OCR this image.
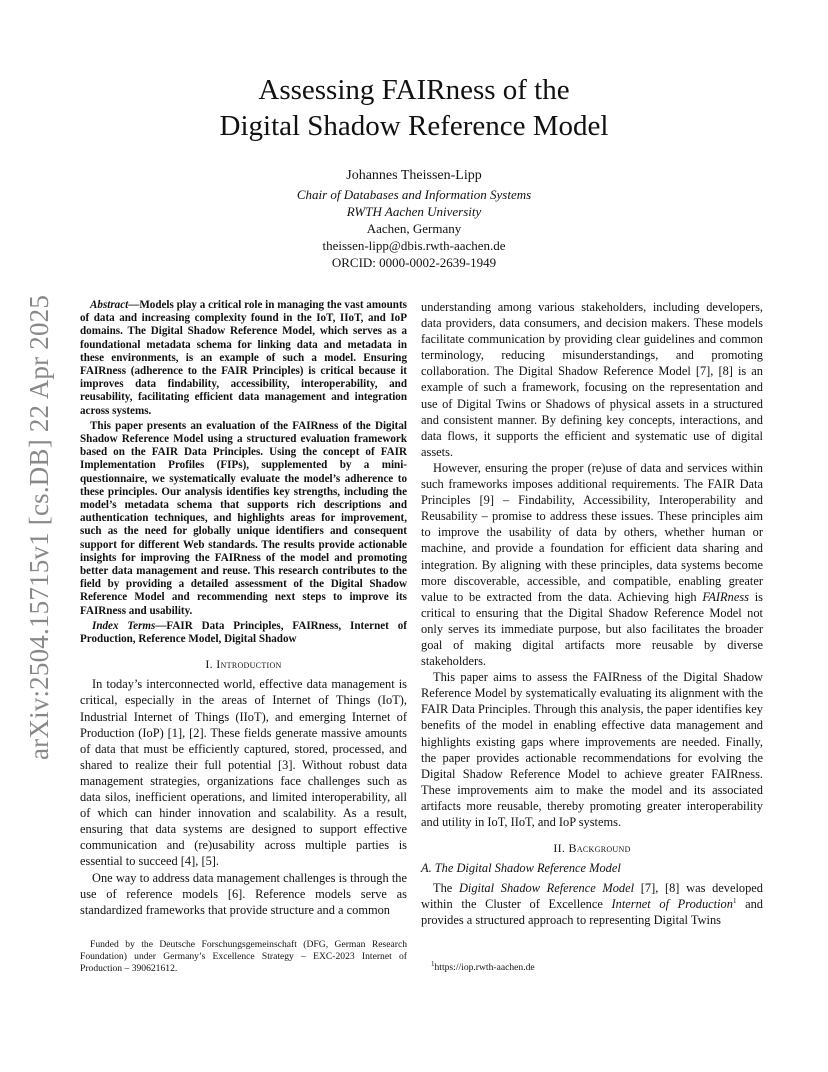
Assessing FAIRness of the
Digital Shadow Reference Model
Johannes Theissen-Lipp
Chair of Databases and Information Systems
RWTH Aachen University
Aachen, Germany
theissen-lipp@dbis.rwth-aachen.de
ORCID: 0000-0002-2639-1949
arXiv:2504.15715v1 [cs.DB] 22 Apr 2025	Abstract—Models play a critical role in managing the vast amounts of data and increasing complexity found in the IoT, IIoT, and IoP domains. The Digital Shadow Reference Model, which serves as a foundational metadata schema for linking data and metadata in these environments, is an example of such a model. Ensuring FAIRness (adherence to the FAIR Principles) is critical because it improves data findability, accessibility, interoperability, and reusability, facilitating efficient data management and integration across systems.

This paper presents an evaluation of the FAIRness of the Digital Shadow Reference Model using a structured evaluation framework based on the FAIR Data Principles. Using the concept of FAIR Implementation Profiles (FIPs), supplemented by a mini-questionnaire, we systematically evaluate the model’s adherence to these principles. Our analysis identifies key strengths, including the model’s metadata schema that supports rich descriptions and authentication techniques, and highlights areas for improvement, such as the need for globally unique identifiers and consequent support for different Web standards. The results provide actionable insights for improving the FAIRness of the model and promoting better data management and reuse. This research contributes to the field by providing a detailed assessment of the Digital Shadow Reference Model and recommending next steps to improve its FAIRness and usability.

Index Terms—FAIR Data Principles, FAIRness, Internet of Production, Reference Model, Digital Shadow

I. Introduction

In today’s interconnected world, effective data management is critical, especially in the areas of Internet of Things (IoT), Industrial Internet of Things (IIoT), and emerging Internet of Production (IoP) [1], [2]. These fields generate massive amounts of data that must be efficiently captured, stored, processed, and shared to realize their full potential [3]. Without robust data management strategies, organizations face challenges such as data silos, inefficient operations, and limited interoperability, all of which can hinder innovation and scalability. As a result, ensuring that data systems are designed to support effective communication and (re)usability across multiple parties is essential to succeed [4], [5].

One way to address data management challenges is through the use of reference models [6]. Reference models serve as standardized frameworks that provide structure and a common

understanding among various stakeholders, including developers, data providers, data consumers, and decision makers. These models facilitate communication by providing clear guidelines and common terminology, reducing misunderstandings, and promoting collaboration. The Digital Shadow Reference Model [7], [8] is an example of such a framework, focusing on the representation and use of Digital Twins or Shadows of physical assets in a structured and consistent manner. By defining key concepts, interactions, and data flows, it supports the efficient and systematic use of digital assets.

However, ensuring the proper (re)use of data and services within such frameworks imposes additional requirements. The FAIR Data Principles [9] – Findability, Accessibility, Interoperability and Reusability – promise to address these issues. These principles aim to improve the usability of data by others, whether human or machine, and provide a foundation for efficient data sharing and integration. By aligning with these principles, data systems become more discoverable, accessible, and compatible, enabling greater value to be extracted from the data. Achieving high FAIRness is critical to ensuring that the Digital Shadow Reference Model not only serves its immediate purpose, but also facilitates the broader goal of making digital artifacts more reusable by diverse stakeholders.

This paper aims to assess the FAIRness of the Digital Shadow Reference Model by systematically evaluating its alignment with the FAIR Data Principles. Through this analysis, the paper identifies key benefits of the model in enabling effective data management and highlights existing gaps where improvements are needed. Finally, the paper provides actionable recommendations for evolving the Digital Shadow Reference Model to achieve greater FAIRness. These improvements aim to make the model and its associated artifacts more reusable, thereby promoting greater interoperability and utility in IoT, IIoT, and IoP systems.

II. Background
A. The Digital Shadow Reference Model

The Digital Shadow Reference Model [7], [8] was developed within the Cluster of Excellence Internet of Production$^1$ and provides a structured approach to representing Digital Twins

Funded by the Deutsche Forschungsgemeinschaft (DFG, German Research Foundation) under Germany’s Excellence Strategy – EXC-2023 Internet of Production – 390621612.	$^1$https://iop.rwth-aachen.de
